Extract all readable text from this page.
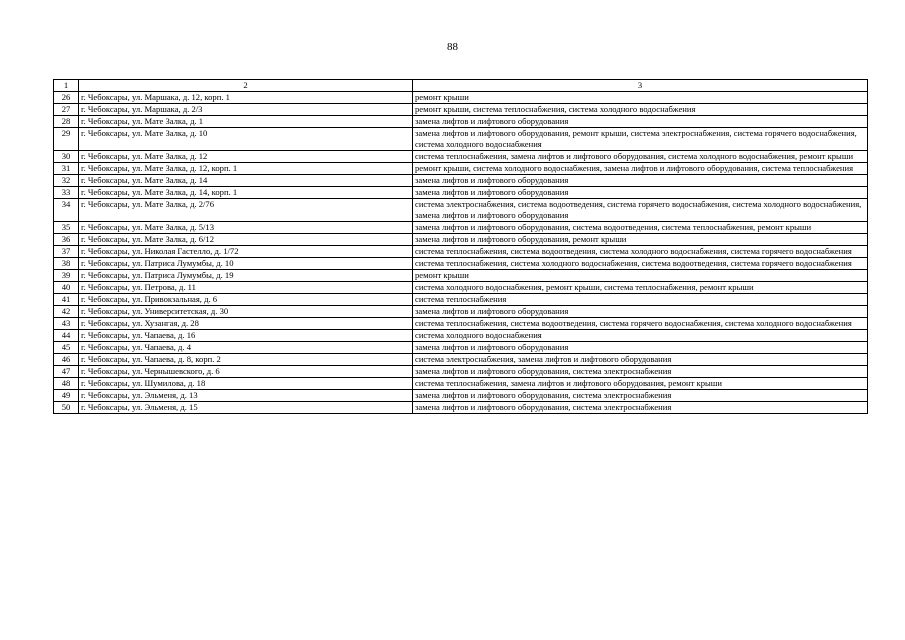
88
1	2	3
26	г. Чебоксары, ул. Маршака, д. 12, корп. 1	ремонт крыши
27	г. Чебоксары, ул. Маршака, д. 2/3	ремонт крыши, система теплоснабжения, система холодного водоснабжения
28	г. Чебоксары, ул. Мате Залка, д. 1	замена лифтов и лифтового оборудования
29	г. Чебоксары, ул. Мате Залка, д. 10	замена лифтов и лифтового оборудования, ремонт крыши, система электроснабжения, система горячего водоснабжения, система холодного водоснабжения
30	г. Чебоксары, ул. Мате Залка, д. 12	система теплоснабжения, замена лифтов и лифтового оборудования, система холодного водоснабжения, ремонт крыши
31	г. Чебоксары, ул. Мате Залка, д. 12, корп. 1	ремонт крыши, система холодного водоснабжения, замена лифтов и лифтового оборудования, система теплоснабжения
32	г. Чебоксары, ул. Мате Залка, д. 14	замена лифтов и лифтового оборудования
33	г. Чебоксары, ул. Мате Залка, д. 14, корп. 1	замена лифтов и лифтового оборудования
34	г. Чебоксары, ул. Мате Залка, д. 2/76	система электроснабжения, система водоотведения, система горячего водоснабжения, система холодного водоснабжения, замена лифтов и лифтового оборудования
35	г. Чебоксары, ул. Мате Залка, д. 5/13	замена лифтов и лифтового оборудования, система водоотведения, система теплоснабжения, ремонт крыши
36	г. Чебоксары, ул. Мате Залка, д. 6/12	замена лифтов и лифтового оборудования, ремонт крыши
37	г. Чебоксары, ул. Николая Гастелло, д. 1/72	система теплоснабжения, система водоотведения, система холодного водоснабжения, система горячего водоснабжения
38	г. Чебоксары, ул. Патриса Лумумбы, д. 10	система теплоснабжения, система холодного водоснабжения, система водоотведения, система горячего водоснабжения
39	г. Чебоксары, ул. Патриса Лумумбы, д. 19	ремонт крыши
40	г. Чебоксары, ул. Петрова, д. 11	система холодного водоснабжения, ремонт крыши, система теплоснабжения, ремонт крыши
41	г. Чебоксары, ул. Привокзальная, д. 6	система теплоснабжения
42	г. Чебоксары, ул. Университетская, д. 30	замена лифтов и лифтового оборудования
43	г. Чебоксары, ул. Хузангая, д. 28	система теплоснабжения, система водоотведения, система горячего водоснабжения, система холодного водоснабжения
44	г. Чебоксары, ул. Чапаева, д. 16	система холодного водоснабжения
45	г. Чебоксары, ул. Чапаева, д. 4	замена лифтов и лифтового оборудования
46	г. Чебоксары, ул. Чапаева, д. 8, корп. 2	система электроснабжения, замена лифтов и лифтового оборудования
47	г. Чебоксары, ул. Чернышевского, д. 6	замена лифтов и лифтового оборудования, система электроснабжения
48	г. Чебоксары, ул. Шумилова, д. 18	система теплоснабжения, замена лифтов и лифтового оборудования, ремонт крыши
49	г. Чебоксары, ул. Эльменя, д. 13	замена лифтов и лифтового оборудования, система электроснабжения
50	г. Чебоксары, ул. Эльменя, д. 15	замена лифтов и лифтового оборудования, система электроснабжения
